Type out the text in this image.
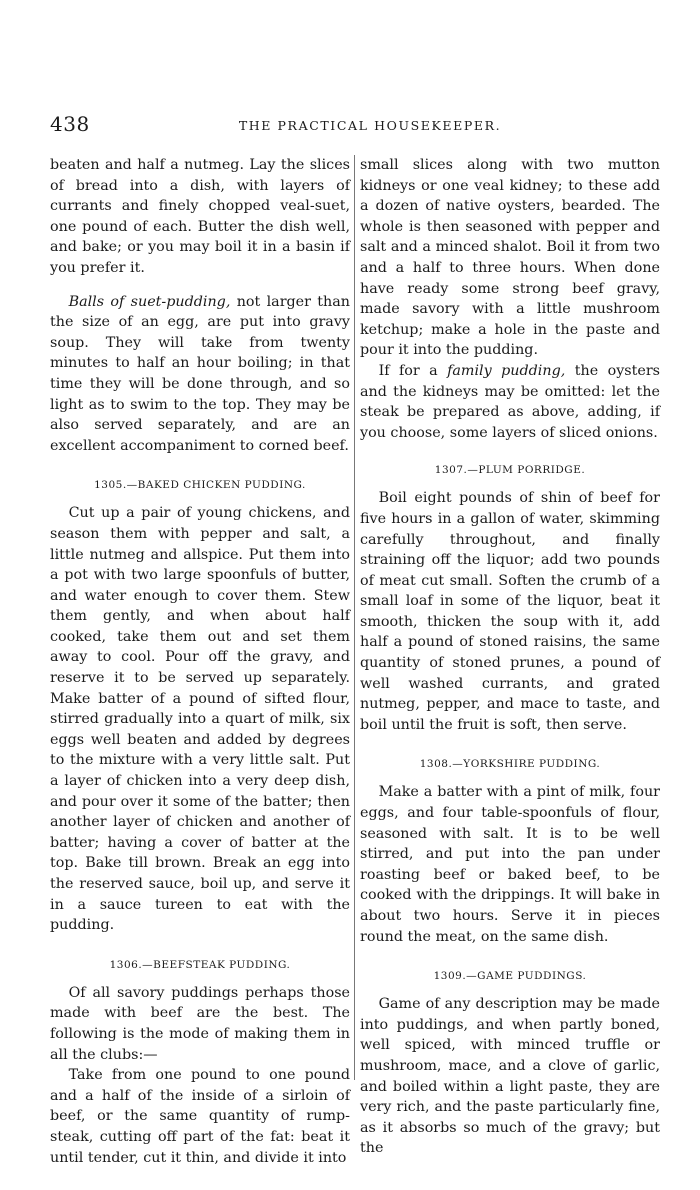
438	THE PRACTICAL HOUSEKEEPER.

beaten and half a nutmeg. Lay the slices of bread into a dish, with layers of currants and finely chopped veal-suet, one pound of each. Butter the dish well, and bake; or you may boil it in a basin if you prefer it.

Balls of suet-pudding, not larger than the size of an egg, are put into gravy soup. They will take from twenty minutes to half an hour boiling; in that time they will be done through, and so light as to swim to the top. They may be also served separately, and are an excellent accompaniment to corned beef.

1305.—BAKED CHICKEN PUDDING.

Cut up a pair of young chickens, and season them with pepper and salt, a little nutmeg and allspice. Put them into a pot with two large spoonfuls of butter, and water enough to cover them. Stew them gently, and when about half cooked, take them out and set them away to cool. Pour off the gravy, and reserve it to be served up separately. Make batter of a pound of sifted flour, stirred gradually into a quart of milk, six eggs well beaten and added by degrees to the mixture with a very little salt. Put a layer of chicken into a very deep dish, and pour over it some of the batter; then another layer of chicken and another of batter; having a cover of batter at the top. Bake till brown. Break an egg into the reserved sauce, boil up, and serve it in a sauce tureen to eat with the pudding.

1306.—BEEFSTEAK PUDDING.

Of all savory puddings perhaps those made with beef are the best. The following is the mode of making them in all the clubs:—

Take from one pound to one pound and a half of the inside of a sirloin of beef, or the same quantity of rump-steak, cutting off part of the fat: beat it until tender, cut it thin, and divide it into

small slices along with two mutton kidneys or one veal kidney; to these add a dozen of native oysters, bearded. The whole is then seasoned with pepper and salt and a minced shalot. Boil it from two and a half to three hours. When done have ready some strong beef gravy, made savory with a little mushroom ketchup; make a hole in the paste and pour it into the pudding.

If for a family pudding, the oysters and the kidneys may be omitted: let the steak be prepared as above, adding, if you choose, some layers of sliced onions.

1307.—PLUM PORRIDGE.

Boil eight pounds of shin of beef for five hours in a gallon of water, skimming carefully throughout, and finally straining off the liquor; add two pounds of meat cut small. Soften the crumb of a small loaf in some of the liquor, beat it smooth, thicken the soup with it, add half a pound of stoned raisins, the same quantity of stoned prunes, a pound of well washed currants, and grated nutmeg, pepper, and mace to taste, and boil until the fruit is soft, then serve.

1308.—YORKSHIRE PUDDING.

Make a batter with a pint of milk, four eggs, and four table-spoonfuls of flour, seasoned with salt. It is to be well stirred, and put into the pan under roasting beef or baked beef, to be cooked with the drippings. It will bake in about two hours. Serve it in pieces round the meat, on the same dish.

1309.—GAME PUDDINGS.

Game of any description may be made into puddings, and when partly boned, well spiced, with minced truffle or mushroom, mace, and a clove of garlic, and boiled within a light paste, they are very rich, and the paste particularly fine, as it absorbs so much of the gravy; but the
